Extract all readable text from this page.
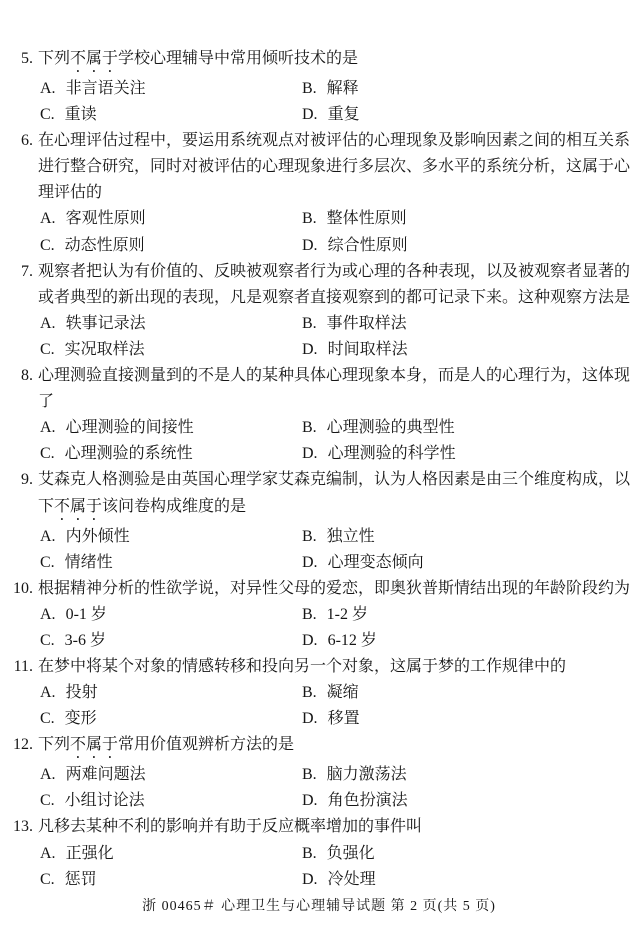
5. 下列不属于学校心理辅导中常用倾听技术的是
A. 非言语关注	B. 解释
C. 重读	D. 重复
6. 在心理评估过程中，要运用系统观点对被评估的心理现象及影响因素之间的相互关系
进行整合研究，同时对被评估的心理现象进行多层次、多水平的系统分析，这属于心
理评估的
A. 客观性原则	B. 整体性原则
C. 动态性原则	D. 综合性原则
7. 观察者把认为有价值的、反映被观察者行为或心理的各种表现，以及被观察者显著的
或者典型的新出现的表现，凡是观察者直接观察到的都可记录下来。这种观察方法是
A. 轶事记录法	B. 事件取样法
C. 实况取样法	D. 时间取样法
8. 心理测验直接测量到的不是人的某种具体心理现象本身，而是人的心理行为，这体现
了
A. 心理测验的间接性	B. 心理测验的典型性
C. 心理测验的系统性	D. 心理测验的科学性
9. 艾森克人格测验是由英国心理学家艾森克编制，认为人格因素是由三个维度构成，以
下不属于该问卷构成维度的是
A. 内外倾性	B. 独立性
C. 情绪性	D. 心理变态倾向
10. 根据精神分析的性欲学说，对异性父母的爱恋，即奥狄普斯情结出现的年龄阶段约为
A. 0-1 岁	B. 1-2 岁
C. 3-6 岁	D. 6-12 岁
11. 在梦中将某个对象的情感转移和投向另一个对象，这属于梦的工作规律中的
A. 投射	B. 凝缩
C. 变形	D. 移置
12. 下列不属于常用价值观辨析方法的是
A. 两难问题法	B. 脑力激荡法
C. 小组讨论法	D. 角色扮演法
13. 凡移去某种不利的影响并有助于反应概率增加的事件叫
A. 正强化	B. 负强化
C. 惩罚	D. 冷处理
浙 00465＃ 心理卫生与心理辅导试题 第 2 页(共 5 页)
